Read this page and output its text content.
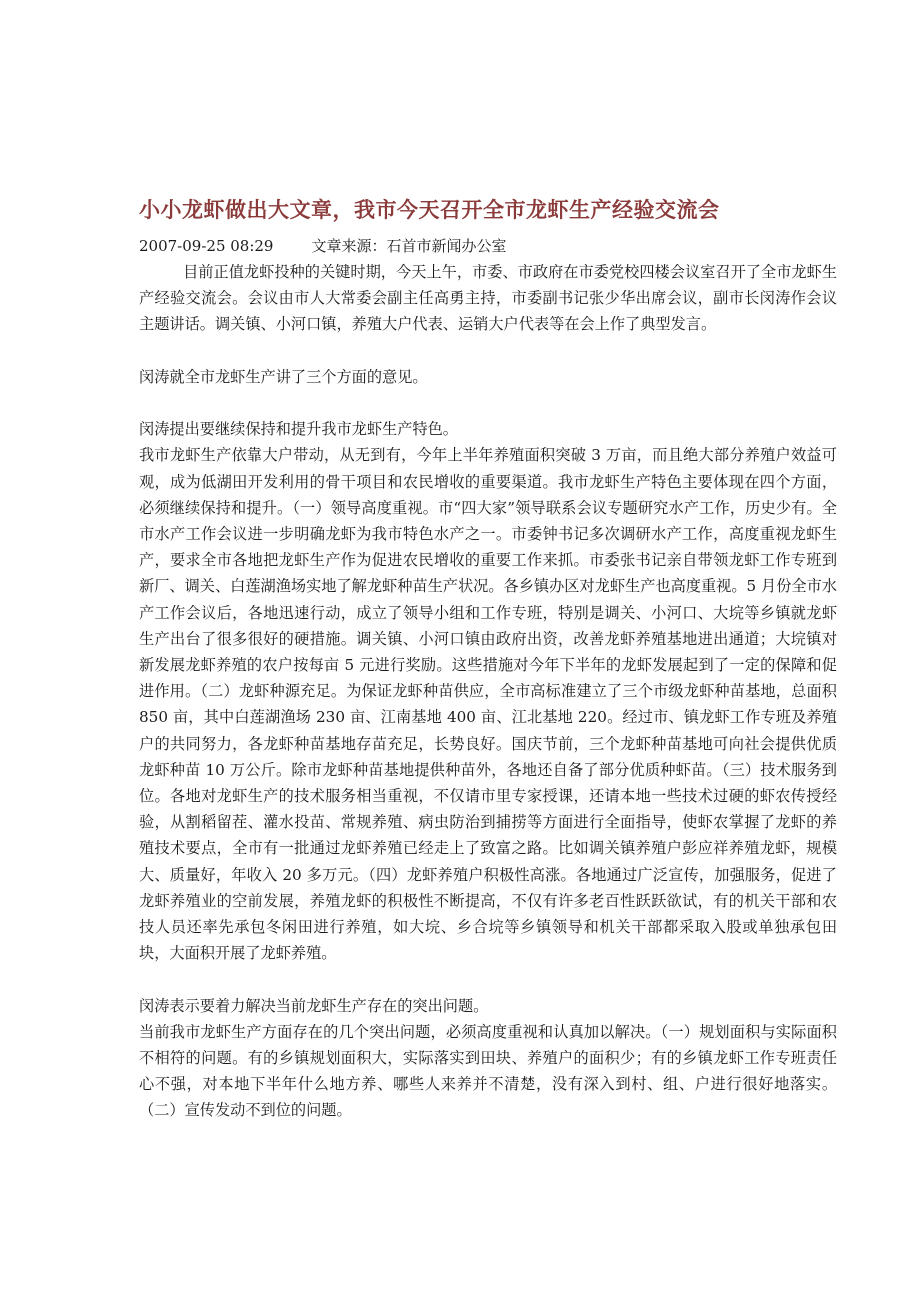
小小龙虾做出大文章，我市今天召开全市龙虾生产经验交流会
2007-09-25 08:29	文章来源：石首市新闻办公室

目前正值龙虾投种的关键时期，今天上午，市委、市政府在市委党校四楼会议室召开了全市龙虾生产经验交流会。会议由市人大常委会副主任高勇主持，市委副书记张少华出席会议，副市长闵涛作会议主题讲话。调关镇、小河口镇，养殖大户代表、运销大户代表等在会上作了典型发言。

闵涛就全市龙虾生产讲了三个方面的意见。

闵涛提出要继续保持和提升我市龙虾生产特色。

我市龙虾生产依靠大户带动，从无到有，今年上半年养殖面积突破 3 万亩，而且绝大部分养殖户效益可观，成为低湖田开发利用的骨干项目和农民增收的重要渠道。我市龙虾生产特色主要体现在四个方面，必须继续保持和提升。（一）领导高度重视。市“四大家”领导联系会议专题研究水产工作，历史少有。全市水产工作会议进一步明确龙虾为我市特色水产之一。市委钟书记多次调研水产工作，高度重视龙虾生产，要求全市各地把龙虾生产作为促进农民增收的重要工作来抓。市委张书记亲自带领龙虾工作专班到新厂、调关、白莲湖渔场实地了解龙虾种苗生产状况。各乡镇办区对龙虾生产也高度重视。5 月份全市水产工作会议后，各地迅速行动，成立了领导小组和工作专班，特别是调关、小河口、大垸等乡镇就龙虾生产出台了很多很好的硬措施。调关镇、小河口镇由政府出资，改善龙虾养殖基地进出通道；大垸镇对新发展龙虾养殖的农户按每亩 5 元进行奖励。这些措施对今年下半年的龙虾发展起到了一定的保障和促进作用。（二）龙虾种源充足。为保证龙虾种苗供应，全市高标准建立了三个市级龙虾种苗基地，总面积 850 亩，其中白莲湖渔场 230 亩、江南基地 400 亩、江北基地 220。经过市、镇龙虾工作专班及养殖户的共同努力，各龙虾种苗基地存苗充足，长势良好。国庆节前，三个龙虾种苗基地可向社会提供优质龙虾种苗 10 万公斤。除市龙虾种苗基地提供种苗外，各地还自备了部分优质种虾苗。（三）技术服务到位。各地对龙虾生产的技术服务相当重视，不仅请市里专家授课，还请本地一些技术过硬的虾农传授经验，从割稻留茬、灌水投苗、常规养殖、病虫防治到捕捞等方面进行全面指导，使虾农掌握了龙虾的养殖技术要点，全市有一批通过龙虾养殖已经走上了致富之路。比如调关镇养殖户彭应祥养殖龙虾，规模大、质量好，年收入 20 多万元。（四）龙虾养殖户积极性高涨。各地通过广泛宣传，加强服务，促进了龙虾养殖业的空前发展，养殖龙虾的积极性不断提高，不仅有许多老百性跃跃欲试，有的机关干部和农技人员还率先承包冬闲田进行养殖，如大垸、乡合垸等乡镇领导和机关干部都采取入股或单独承包田块，大面积开展了龙虾养殖。

闵涛表示要着力解决当前龙虾生产存在的突出问题。

当前我市龙虾生产方面存在的几个突出问题，必须高度重视和认真加以解决。（一）规划面积与实际面积不相符的问题。有的乡镇规划面积大，实际落实到田块、养殖户的面积少；有的乡镇龙虾工作专班责任心不强，对本地下半年什么地方养、哪些人来养并不清楚，没有深入到村、组、户进行很好地落实。（二）宣传发动不到位的问题。
